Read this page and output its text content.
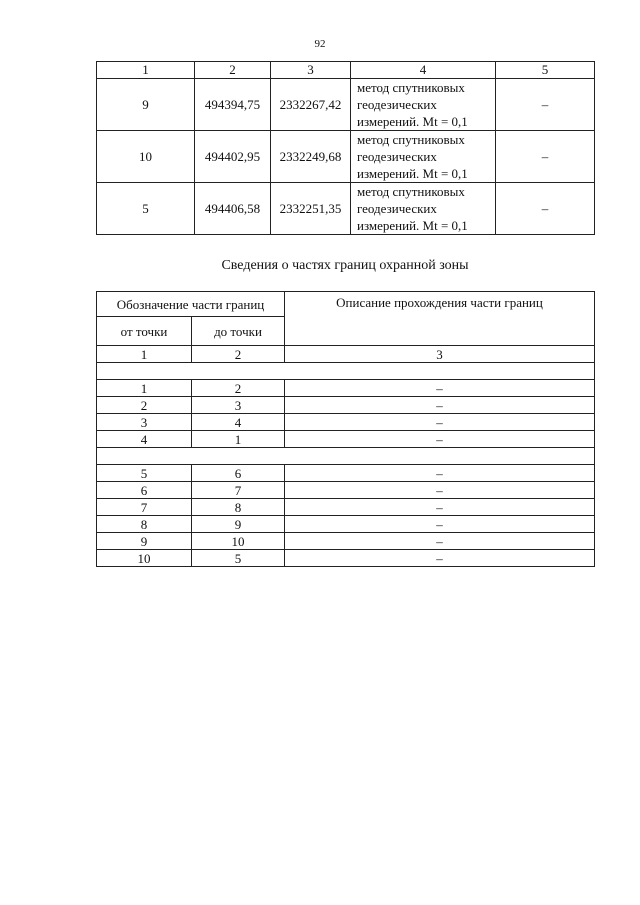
92
1	2	3	4	5
9	494394,75	2332267,42	метод спутниковых
геодезических
измерений. Mt = 0,1	–
10	494402,95	2332249,68	метод спутниковых
геодезических
измерений. Mt = 0,1	–
5	494406,58	2332251,35	метод спутниковых
геодезических
измерений. Mt = 0,1	–
Сведения о частях границ охранной зоны
Обозначение части границ		Описание прохождения части границ
от точки	до точки	
1	2	3

1	2	–
2	3	–
3	4	–
4	1	–

5	6	–
6	7	–
7	8	–
8	9	–
9	10	–
10	5	–
